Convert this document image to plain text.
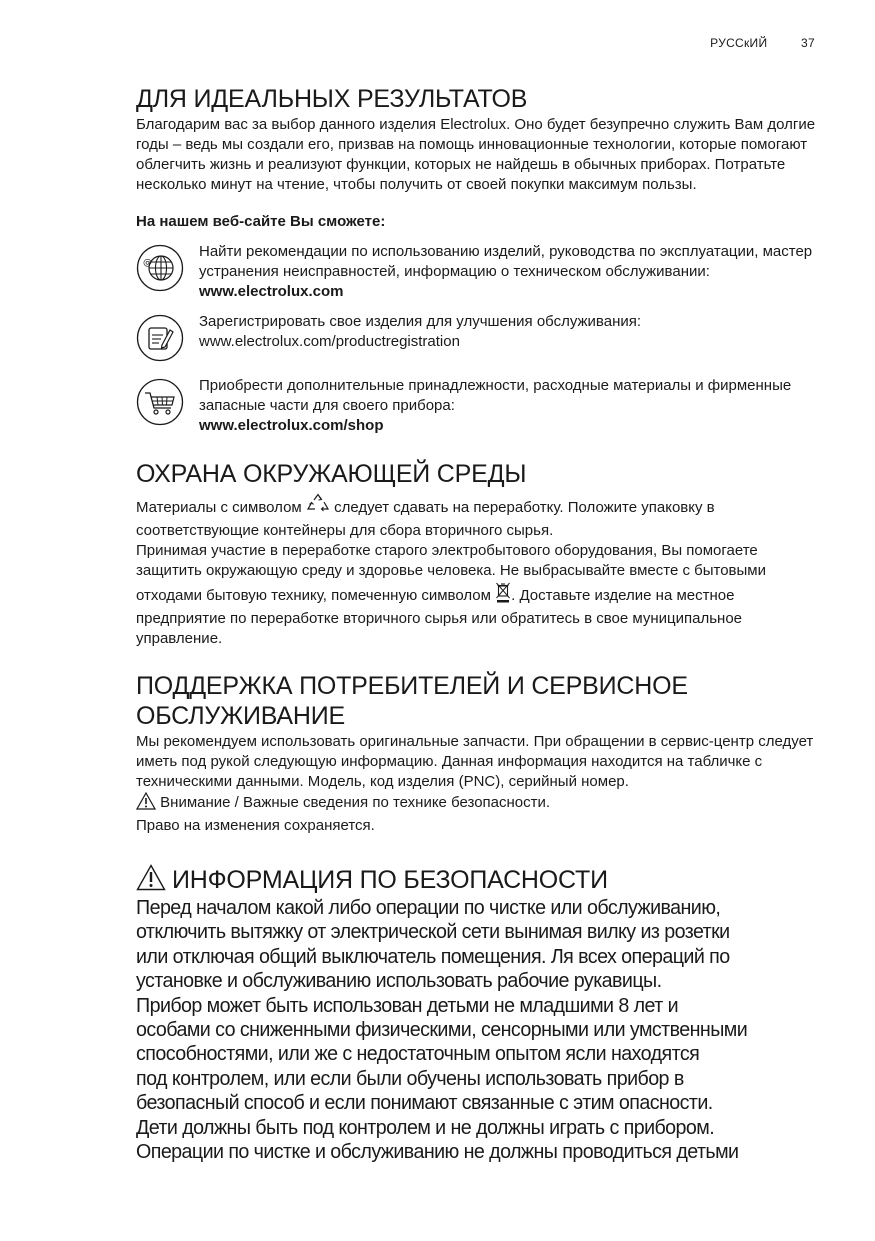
РУССкИЙ	37
ДЛЯ ИДЕАЛЬНЫХ РЕЗУЛЬТАТОВ

Благодарим вас за выбор данного изделия Electrolux. Оно будет безупречно служить Вам долгие годы – ведь мы создали его, призвав на помощь инновационные технологии, которые помогают облегчить жизнь и реализуют функции, которых не найдешь в обычных приборах. Потратьте несколько минут на чтение, чтобы получить от своей покупки максимум пользы.

На нашем веб-сайте Вы сможете:

@

Найти рекомендации по использованию изделий, руководства по эксплуатации, мастер устранения неисправностей, информацию о техническом обслуживании:

www.electrolux.com

Зарегистрировать свое изделия для улучшения обслуживания:

www.electrolux.com/productregistration

Приобрести дополнительные принадлежности, расходные материалы и фирменные запасные части для своего прибора:

www.electrolux.com/shop

ОХРАНА ОКРУЖАЮЩЕЙ СРЕДЫ

Материалы с символом следует сдавать на переработку. Положите упаковку в соответствующие контейнеры для сбора вторичного сырья.

Принимая участие в переработке старого электробытового оборудования, Вы помогаете защитить окружающую среду и здоровье человека. Не выбрасывайте вместе с бытовыми отходами бытовую технику, помеченную символом . Доставьте изделие на местное предприятие по переработке вторичного сырья или обратитесь в свое муниципальное управление.

ПОДДЕРЖКА ПОТРЕБИТЕЛЕЙ И СЕРВИСНОЕ
ОБСЛУЖИВАНИЕ

Мы рекомендуем использовать оригинальные запчасти. При обращении в сервис-центр следует иметь под рукой следующую информацию. Данная информация находится на табличке с техническими данными. Модель, код изделия (PNC), серийный номер.

Внимание / Важные сведения по технике безопасности.

Право на изменения сохраняется.

ИНФОРМАЦИЯ ПО БЕЗОПАСНОСТИ
Перед началом какой либо операции по чистке или обслуживанию,
отключить вытяжку от электрической сети вынимая вилку из розетки
или отключая общий выключатель помещения. Ля всех операций по
установке и обслуживанию использовать рабочие рукавицы.
Прибор может быть использован детьми не младшими 8 лет и
особами со сниженными физическими, сенсорными или умственными
способностями, или же с недостаточным опытом ясли находятся
под контролем, или если были обучены использовать прибор в
безопасный способ и если понимают связанные с этим опасности.
Дети должны быть под контролем и не должны играть с прибором.
Операции по чистке и обслуживанию не должны проводиться детьми
